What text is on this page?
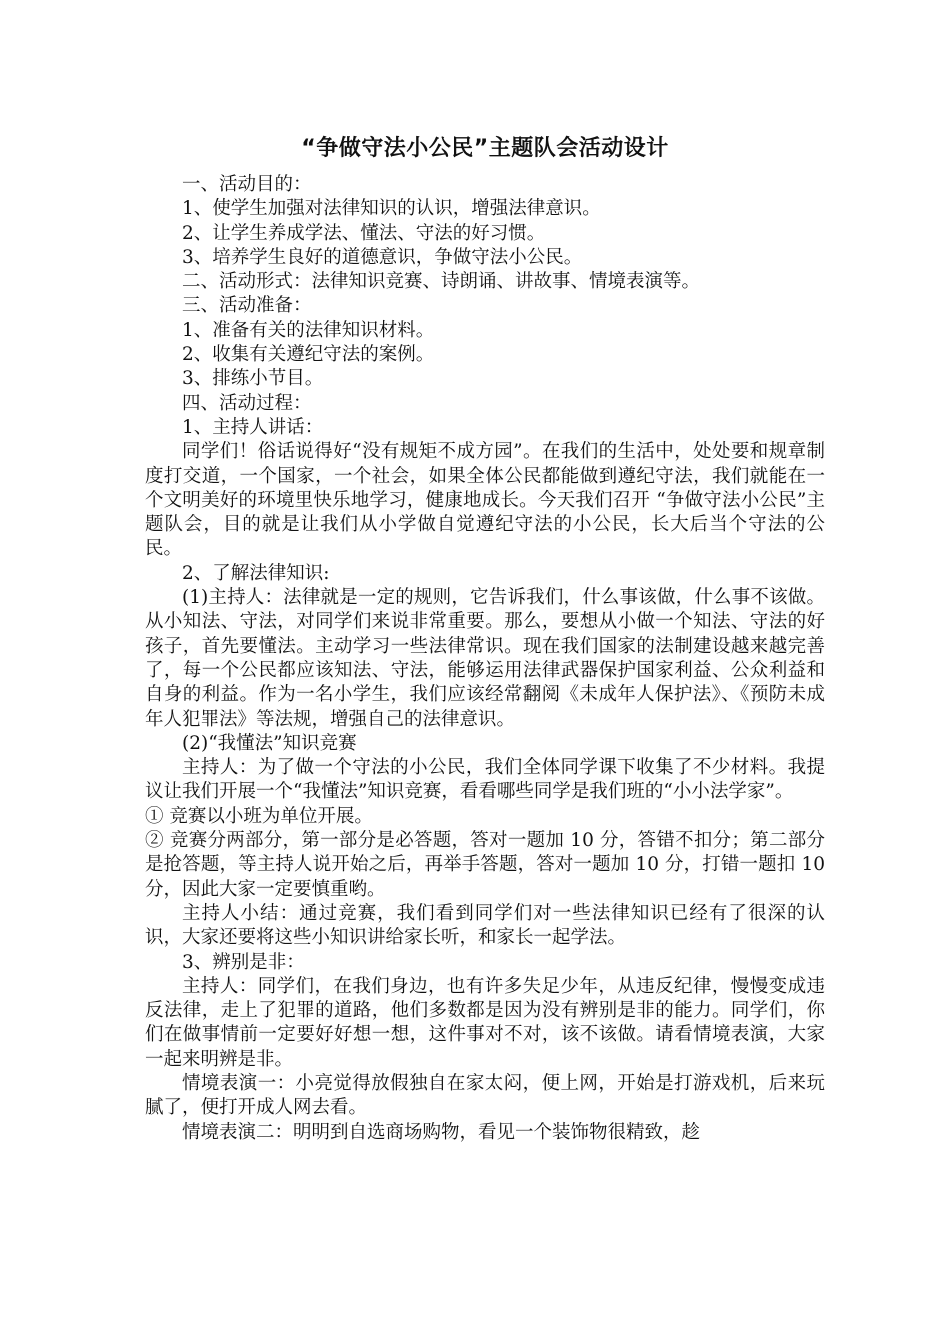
“争做守法小公民”主题队会活动设计

一、活动目的：

1、使学生加强对法律知识的认识，增强法律意识。

2、让学生养成学法、懂法、守法的好习惯。

3、培养学生良好的道德意识，争做守法小公民。

二、活动形式：法律知识竞赛、诗朗诵、讲故事、情境表演等。

三、活动准备：

1、准备有关的法律知识材料。

2、收集有关遵纪守法的案例。

3、排练小节目。

四、活动过程：

1、主持人讲话：

同学们！俗话说得好“没有规矩不成方园”。在我们的生活中，处处要和规章制度打交道，一个国家，一个社会，如果全体公民都能做到遵纪守法，我们就能在一个文明美好的环境里快乐地学习，健康地成长。今天我们召开 “争做守法小公民”主题队会，目的就是让我们从小学做自觉遵纪守法的小公民，长大后当个守法的公民。

2、了解法律知识:

(1)主持人：法律就是一定的规则，它告诉我们，什么事该做，什么事不该做。从小知法、守法，对同学们来说非常重要。那么，要想从小做一个知法、守法的好孩子，首先要懂法。主动学习一些法律常识。现在我们国家的法制建设越来越完善了，每一个公民都应该知法、守法，能够运用法律武器保护国家利益、公众利益和自身的利益。作为一名小学生，我们应该经常翻阅《未成年人保护法》、《预防未成年人犯罪法》等法规，增强自己的法律意识。

(2)“我懂法”知识竞赛

主持人：为了做一个守法的小公民，我们全体同学课下收集了不少材料。我提议让我们开展一个“我懂法”知识竞赛，看看哪些同学是我们班的“小小法学家”。

① 竞赛以小班为单位开展。

② 竞赛分两部分，第一部分是必答题，答对一题加 10 分，答错不扣分；第二部分是抢答题，等主持人说开始之后，再举手答题，答对一题加 10 分，打错一题扣 10 分，因此大家一定要慎重哟。

主持人小结：通过竞赛，我们看到同学们对一些法律知识已经有了很深的认识，大家还要将这些小知识讲给家长听，和家长一起学法。

3、辨别是非：

主持人：同学们，在我们身边，也有许多失足少年，从违反纪律，慢慢变成违反法律，走上了犯罪的道路，他们多数都是因为没有辨别是非的能力。同学们，你们在做事情前一定要好好想一想，这件事对不对，该不该做。请看情境表演，大家一起来明辨是非。

情境表演一：小亮觉得放假独自在家太闷，便上网，开始是打游戏机，后来玩腻了，便打开成人网去看。

情境表演二：明明到自选商场购物，看见一个装饰物很精致，趁
